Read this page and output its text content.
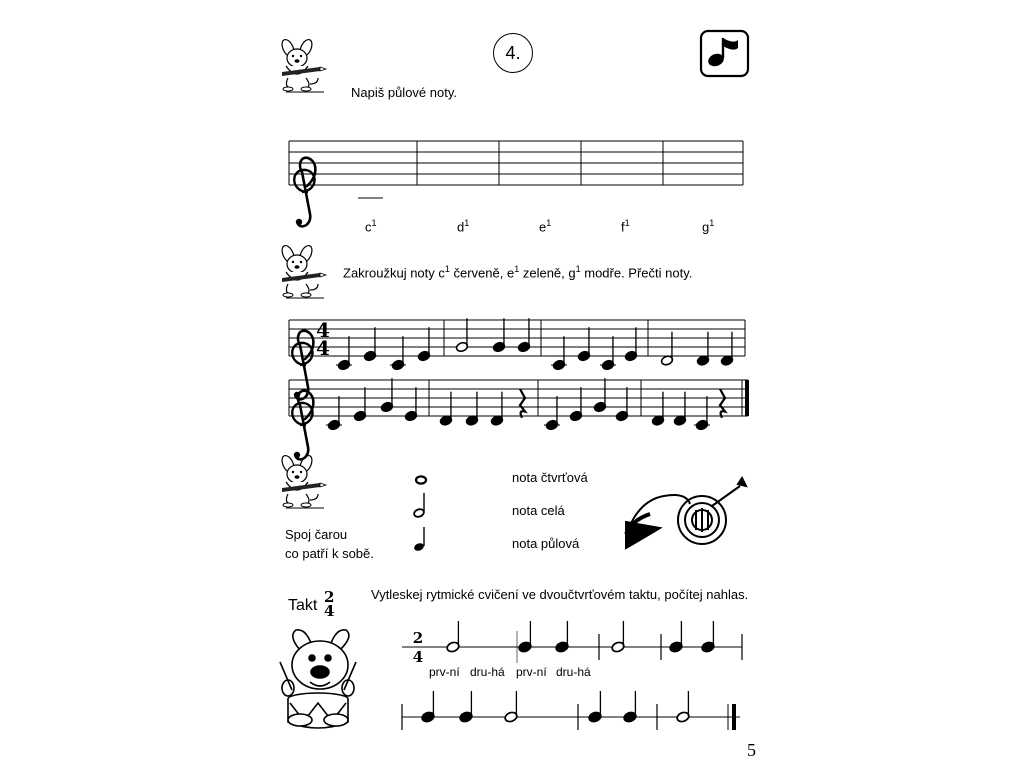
4.
Napiš půlové noty.
Zakroužkuj noty $c^1$ červeně, $e^1$ zeleně, $g^1$ modře. Přečti noty.
Spoj čarou
co patří k sobě.
nota čtvrťová
nota celá
nota půlová
Takt 2
4
Vytleskej rytmické cvičení ve dvoučtvrťovém taktu, počítej nahlas.
prv-ní dru-há prv-ní dru-há
5
4
4
2
4
$c^1$	$d^1$	$e^1$	$f^1$	$g^1$
